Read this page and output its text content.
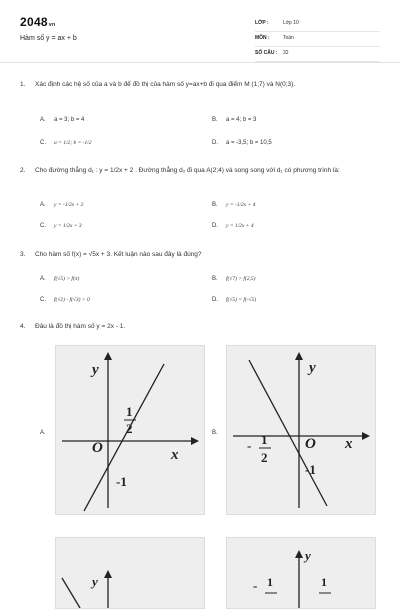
2048vn
Hàm số y = ax + b
LỚP :	Lớp 10
MÔN :	Toán
SỐ CÂU : 32
1. Xác định các hệ số của a và b để đồ thị của hàm số y=ax+b đi qua điểm M (1;7) và N(0;3).
A. a = 3; b = 4	B. a = 4; b = 3
C. a = 1/2; b = -1/2	D. a = -3,5; b = 10,5
2. Cho đường thẳng d₁ : y = 1/2x + 2 . Đường thẳng d₂ đi qua A(2;4) và song song với d₁ có phương trình là:
A. y = -1/2x + 2	B. y = -1/2x + 4
C. y = 1/2x + 3	D. y = 1/2x + 4
3. Cho hàm số f(x) = √5x + 3. Kết luận nào sau đây là đúng?
A. f(√5) > f(π)	B. f(√7) > f(2,5)
C. f(√2) - f(√3) > 0	D. f(√5) = f(-√5)
4. Đâu là đồ thị hàm số y = 2x - 1.
A.	B.
y
x
O
1
2
-1
y
x
O
- 1
2
-1
y
y
- 1	1
